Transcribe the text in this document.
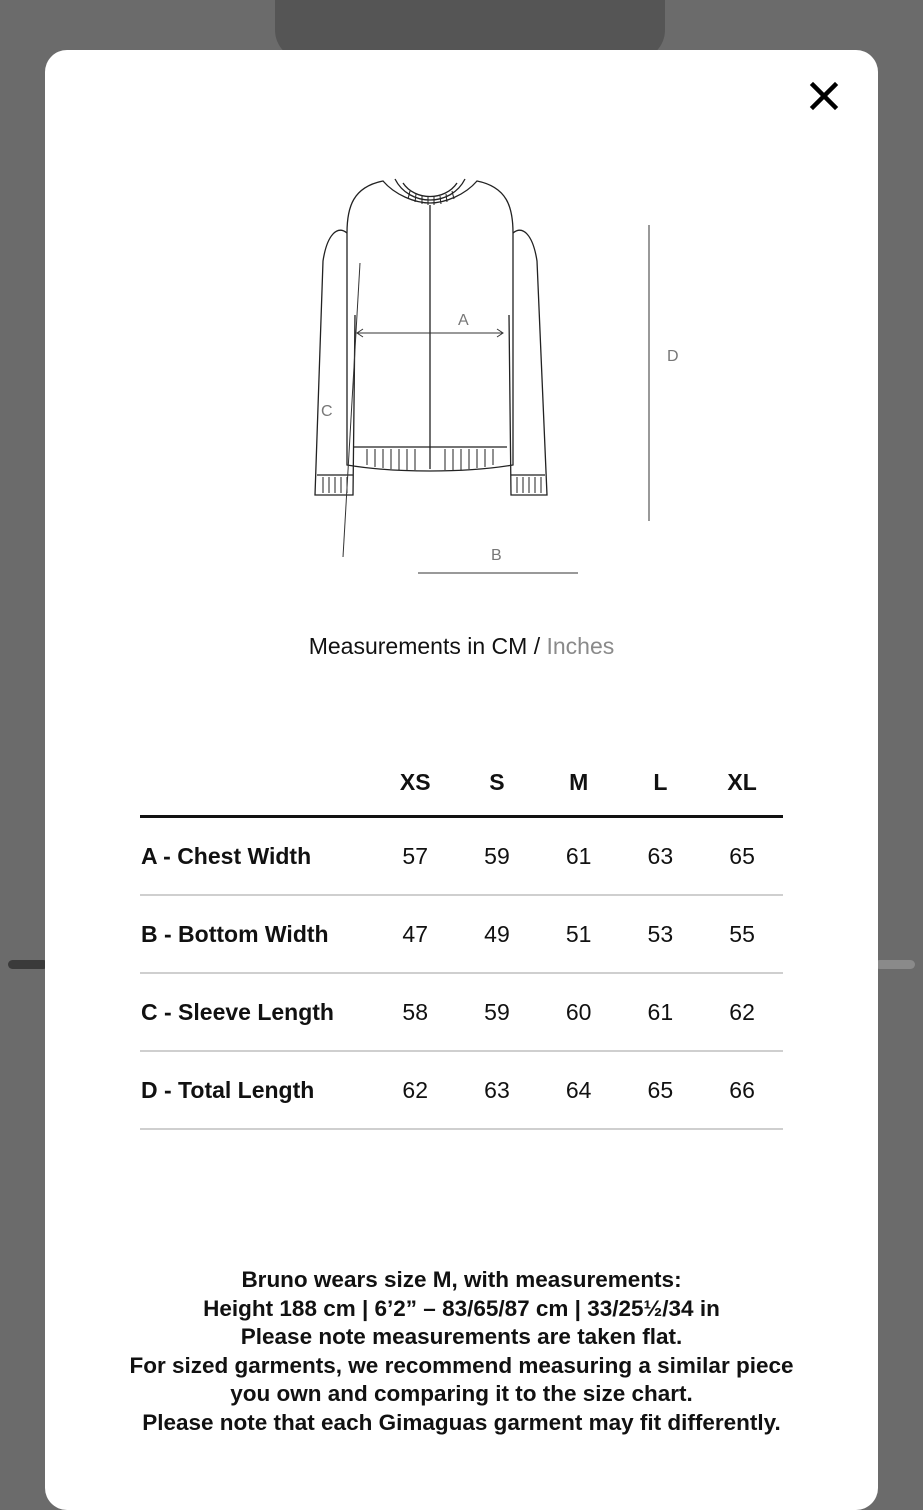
A
B
C
D
Measurements in CM / Inches
	XS	S	M	L	XL
A - Chest Width	57	59	61	63	65
B - Bottom Width	47	49	51	53	55
C - Sleeve Length	58	59	60	61	62
D - Total Length	62	63	64	65	66

Bruno wears size M, with measurements:

Height 188 cm | 6’2” – 83/65/87 cm | 33/25½/34 in

Please note measurements are taken flat.

For sized garments, we recommend measuring a similar piece you own and comparing it to the size chart.

Please note that each Gimaguas garment may fit differently.
